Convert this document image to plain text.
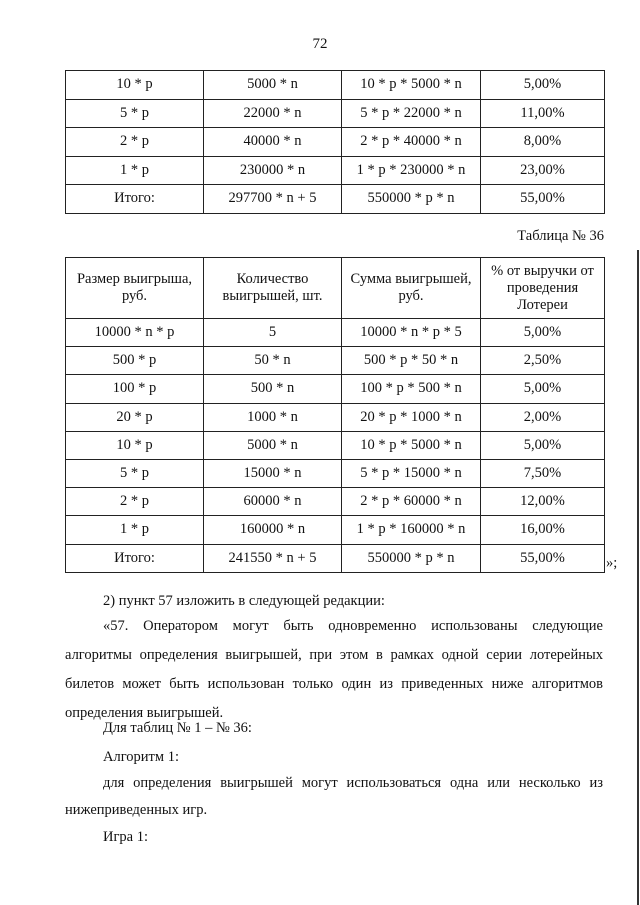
72
10 * p	5000 * n	10 * p * 5000 * n	5,00%
5 * p	22000 * n	5 * p * 22000 * n	11,00%
2 * p	40000 * n	2 * p * 40000 * n	8,00%
1 * p	230000 * n	1 * p * 230000 * n	23,00%
Итого:	297700 * n + 5	550000 * p * n	55,00%
Таблица № 36
Размер выигрыша, руб.	Количество выигрышей, шт.	Сумма выигрышей, руб.	% от выручки от проведения Лотереи
10000 * n * p	5	10000 * n * p * 5	5,00%
500 * p	50 * n	500 * p * 50 * n	2,50%
100 * p	500 * n	100 * p * 500 * n	5,00%
20 * p	1000 * n	20 * p * 1000 * n	2,00%
10 * p	5000 * n	10 * p * 5000 * n	5,00%
5 * p	15000 * n	5 * p * 15000 * n	7,50%
2 * p	60000 * n	2 * p * 60000 * n	12,00%
1 * p	160000 * n	1 * p * 160000 * n	16,00%
Итого:	241550 * n + 5	550000 * p * n	55,00%	»;
2) пункт 57 изложить в следующей редакции:
«57. Оператором могут быть одновременно использованы следующие алгоритмы определения выигрышей, при этом в рамках одной серии лотерейных билетов может быть использован только один из приведенных ниже алгоритмов определения выигрышей.
Для таблиц № 1 – № 36:
Алгоритм 1:
для определения выигрышей могут использоваться одна или несколько из нижеприведенных игр.
Игра 1:
